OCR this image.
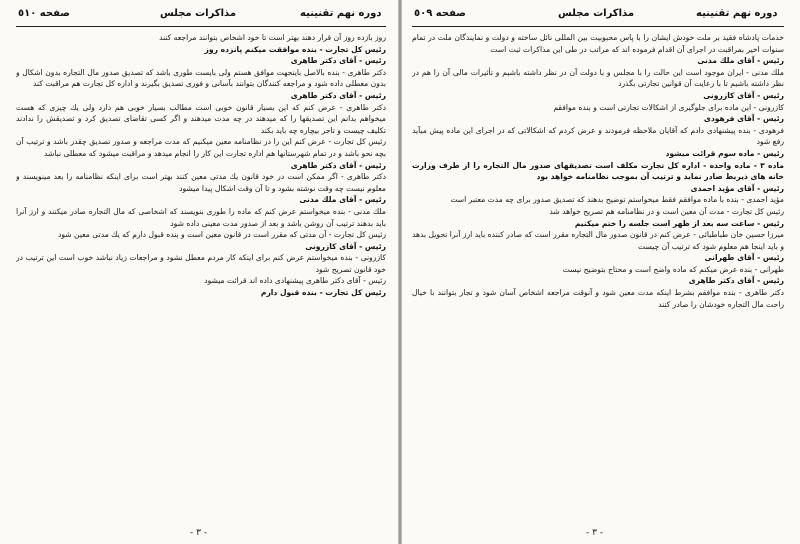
صفحه ٥١٠	مذاكرات مجلس	دوره نهم تقنينيه

روز بازده روز آن قرار دهند بهتر است تا خود اشخاص بتوانند مراجعه کنند

رئيس كل تجارت - بنده موافقت ميكنم پانزده روز

رئيس - آقاى دكتر طاهرى

دكتر طاهرى - بنده بالاصل باينجهت موافق هستم ولى بايست طورى باشد كه تصديق صدور مال التجاره بدون اشكال و بدون معطلى داده شود و مراجعه كنندگان بتوانند بآسانى و فورى تصديق بگيرند و اداره كل تجارت هم مراقبت كند

رئيس - آقاى دكتر طاهرى

دكتر طاهرى - عرض كنم كه اين بسيار قانون خوبى است مطالب بسيار خوبى هم دارد ولى يك چيزى كه هست ميخواهم بدانم اين تصديقها را كه ميدهند در چه مدت ميدهند و اگر كسى تقاضاى تصديق كرد و تصديقش را ندادند تكليف چيست و تاجر بيچاره چه بايد بكند

رئيس كل تجارت - عرض كنم اين را در نظامنامه معين ميكنيم كه مدت مراجعه و صدور تصديق چقدر باشد و ترتيب آن بچه نحو باشد و در تمام شهرستانها هم اداره تجارت اين كار را انجام ميدهد و مراقبت ميشود كه معطلى نباشد

رئيس - آقاى دكتر طاهرى

دكتر طاهرى - اگر ممكن است در خود قانون يك مدتى معين كنند بهتر است براى اينكه نظامنامه را بعد مينويسند و معلوم نيست چه وقت نوشته بشود و تا آن وقت اشكال پيدا ميشود

رئيس - آقاى ملك مدنى

ملك مدنى - بنده ميخواستم عرض كنم كه ماده را طورى بنويسند كه اشخاصى كه مال التجاره صادر ميكنند و ارز آنرا بايد بدهند ترتيب آن روشن باشد و بعد از صدور مدت معينى داده شود

رئيس كل تجارت - آن مدتى كه مقرر است در قانون معين است و بنده قبول دارم كه يك مدتى معين شود

رئيس - آقاى كازرونى

كازرونى - بنده ميخواستم عرض كنم براى اينكه كار مردم معطل نشود و مراجعات زياد نباشد خوب است اين ترتيب در خود قانون تصريح شود

رئيس - آقاى دكتر طاهرى پيشنهادى داده اند قرائت ميشود

رئيس كل تجارت - بنده قبول دارم

- ٣ -
صفحه ٥٠٩	مذاكرات مجلس	دوره نهم تقنينيه

خدمات پادشاه فقيد بر ملت خودش ايشان را با پاس محبوبيت بين المللى نائل ساخته و دولت و نمايندگان ملت در تمام سنوات اخير بمراقبت در اجراى آن اقدام فرموده اند كه مراتب در طى اين مذاكرات ثبت است

رئيس - آقاى ملك مدنى

ملك مدنى - ايران موجود است اين حالت را با مجلس و با دولت آن در نظر داشته باشيم و تأثيرات مالى آن را هم در نظر داشته باشيم تا با رعايت آن قوانين تجارتى بگذرد

رئيس - آقاى كازرونى

كازرونى - اين ماده براى جلوگيرى از اشكالات تجارتى است و بنده موافقم

رئيس - آقاى فرهودى

فرهودى - بنده پيشنهادى دادم كه آقايان ملاحظه فرمودند و عرض كردم كه اشكالاتى كه در اجراى اين ماده پيش ميآيد رفع شود

رئيس - ماده سوم قرائت ميشود

ماده ٣ - ماده واحده - اداره كل تجارت مكلف است تصديقهاى صدور مال التجاره را از طرف وزارت خانه هاى ذيربط صادر نمايد و ترتيب آن بموجب نظامنامه خواهد بود

رئيس - آقاى مؤيد احمدى

مؤيد احمدى - بنده با ماده موافقم فقط ميخواستم توضيح بدهند كه تصديق صدور براى چه مدت معتبر است

رئيس كل تجارت - مدت آن معين است و در نظامنامه هم تصريح خواهد شد

رئيس - ساعت سه بعد از ظهر است جلسه را ختم ميكنيم

ميرزا حسين خان طباطبائى - عرض كنم در قانون صدور مال التجاره مقرر است كه صادر كننده بايد ارز آنرا تحويل بدهد و بايد اينجا هم معلوم شود كه ترتيب آن چيست

رئيس - آقاى طهرانى

طهرانى - بنده عرض ميكنم كه ماده واضح است و محتاج بتوضيح نيست

رئيس - آقاى دكتر طاهرى

دكتر طاهرى - بنده موافقم بشرط اينكه مدت معين شود و آنوقت مراجعه اشخاص آسان شود و تجار بتوانند با خيال راحت مال التجاره خودشان را صادر كنند

- ٣ -
